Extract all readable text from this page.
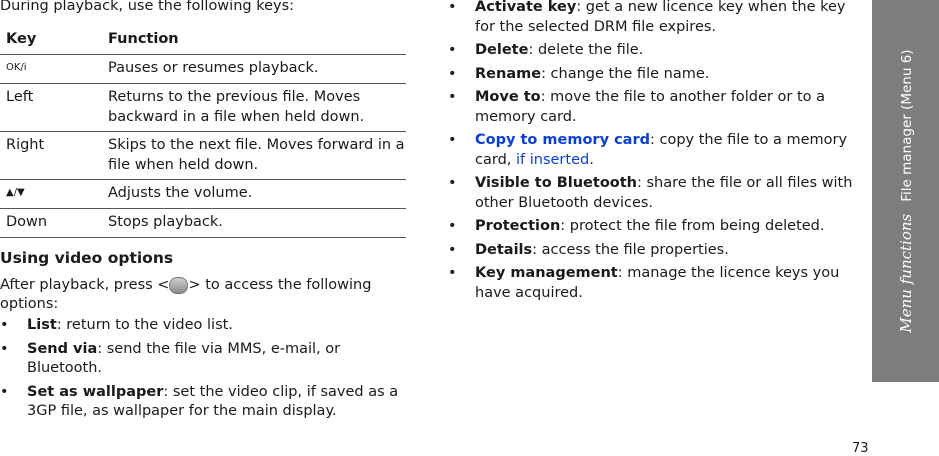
During playback, use the following keys:

Key	Function
OK/i	Pauses or resumes playback.
Left	Returns to the previous file. Moves backward in a file when held down.
Right	Skips to the next file. Moves forward in a file when held down.
▲/▼	Adjusts the volume.
Down	Stops playback.

Using video options

After playback, press < > to access the following options:

• List: return to the video list.
• Send via: send the file via MMS, e-mail, or Bluetooth.
• Set as wallpaper: set the video clip, if saved as a 3GP file, as wallpaper for the main display.
• Activate key: get a new licence key when the key for the selected DRM file expires.
• Delete: delete the file.
• Rename: change the file name.
• Move to: move the file to another folder or to a memory card.
• Copy to memory card: copy the file to a memory card, if inserted.
• Visible to Bluetooth: share the file or all files with other Bluetooth devices.
• Protection: protect the file from being deleted.
• Details: access the file properties.
• Key management: manage the licence keys you have acquired.	Menu functionsFile manager (Menu 6)
73
